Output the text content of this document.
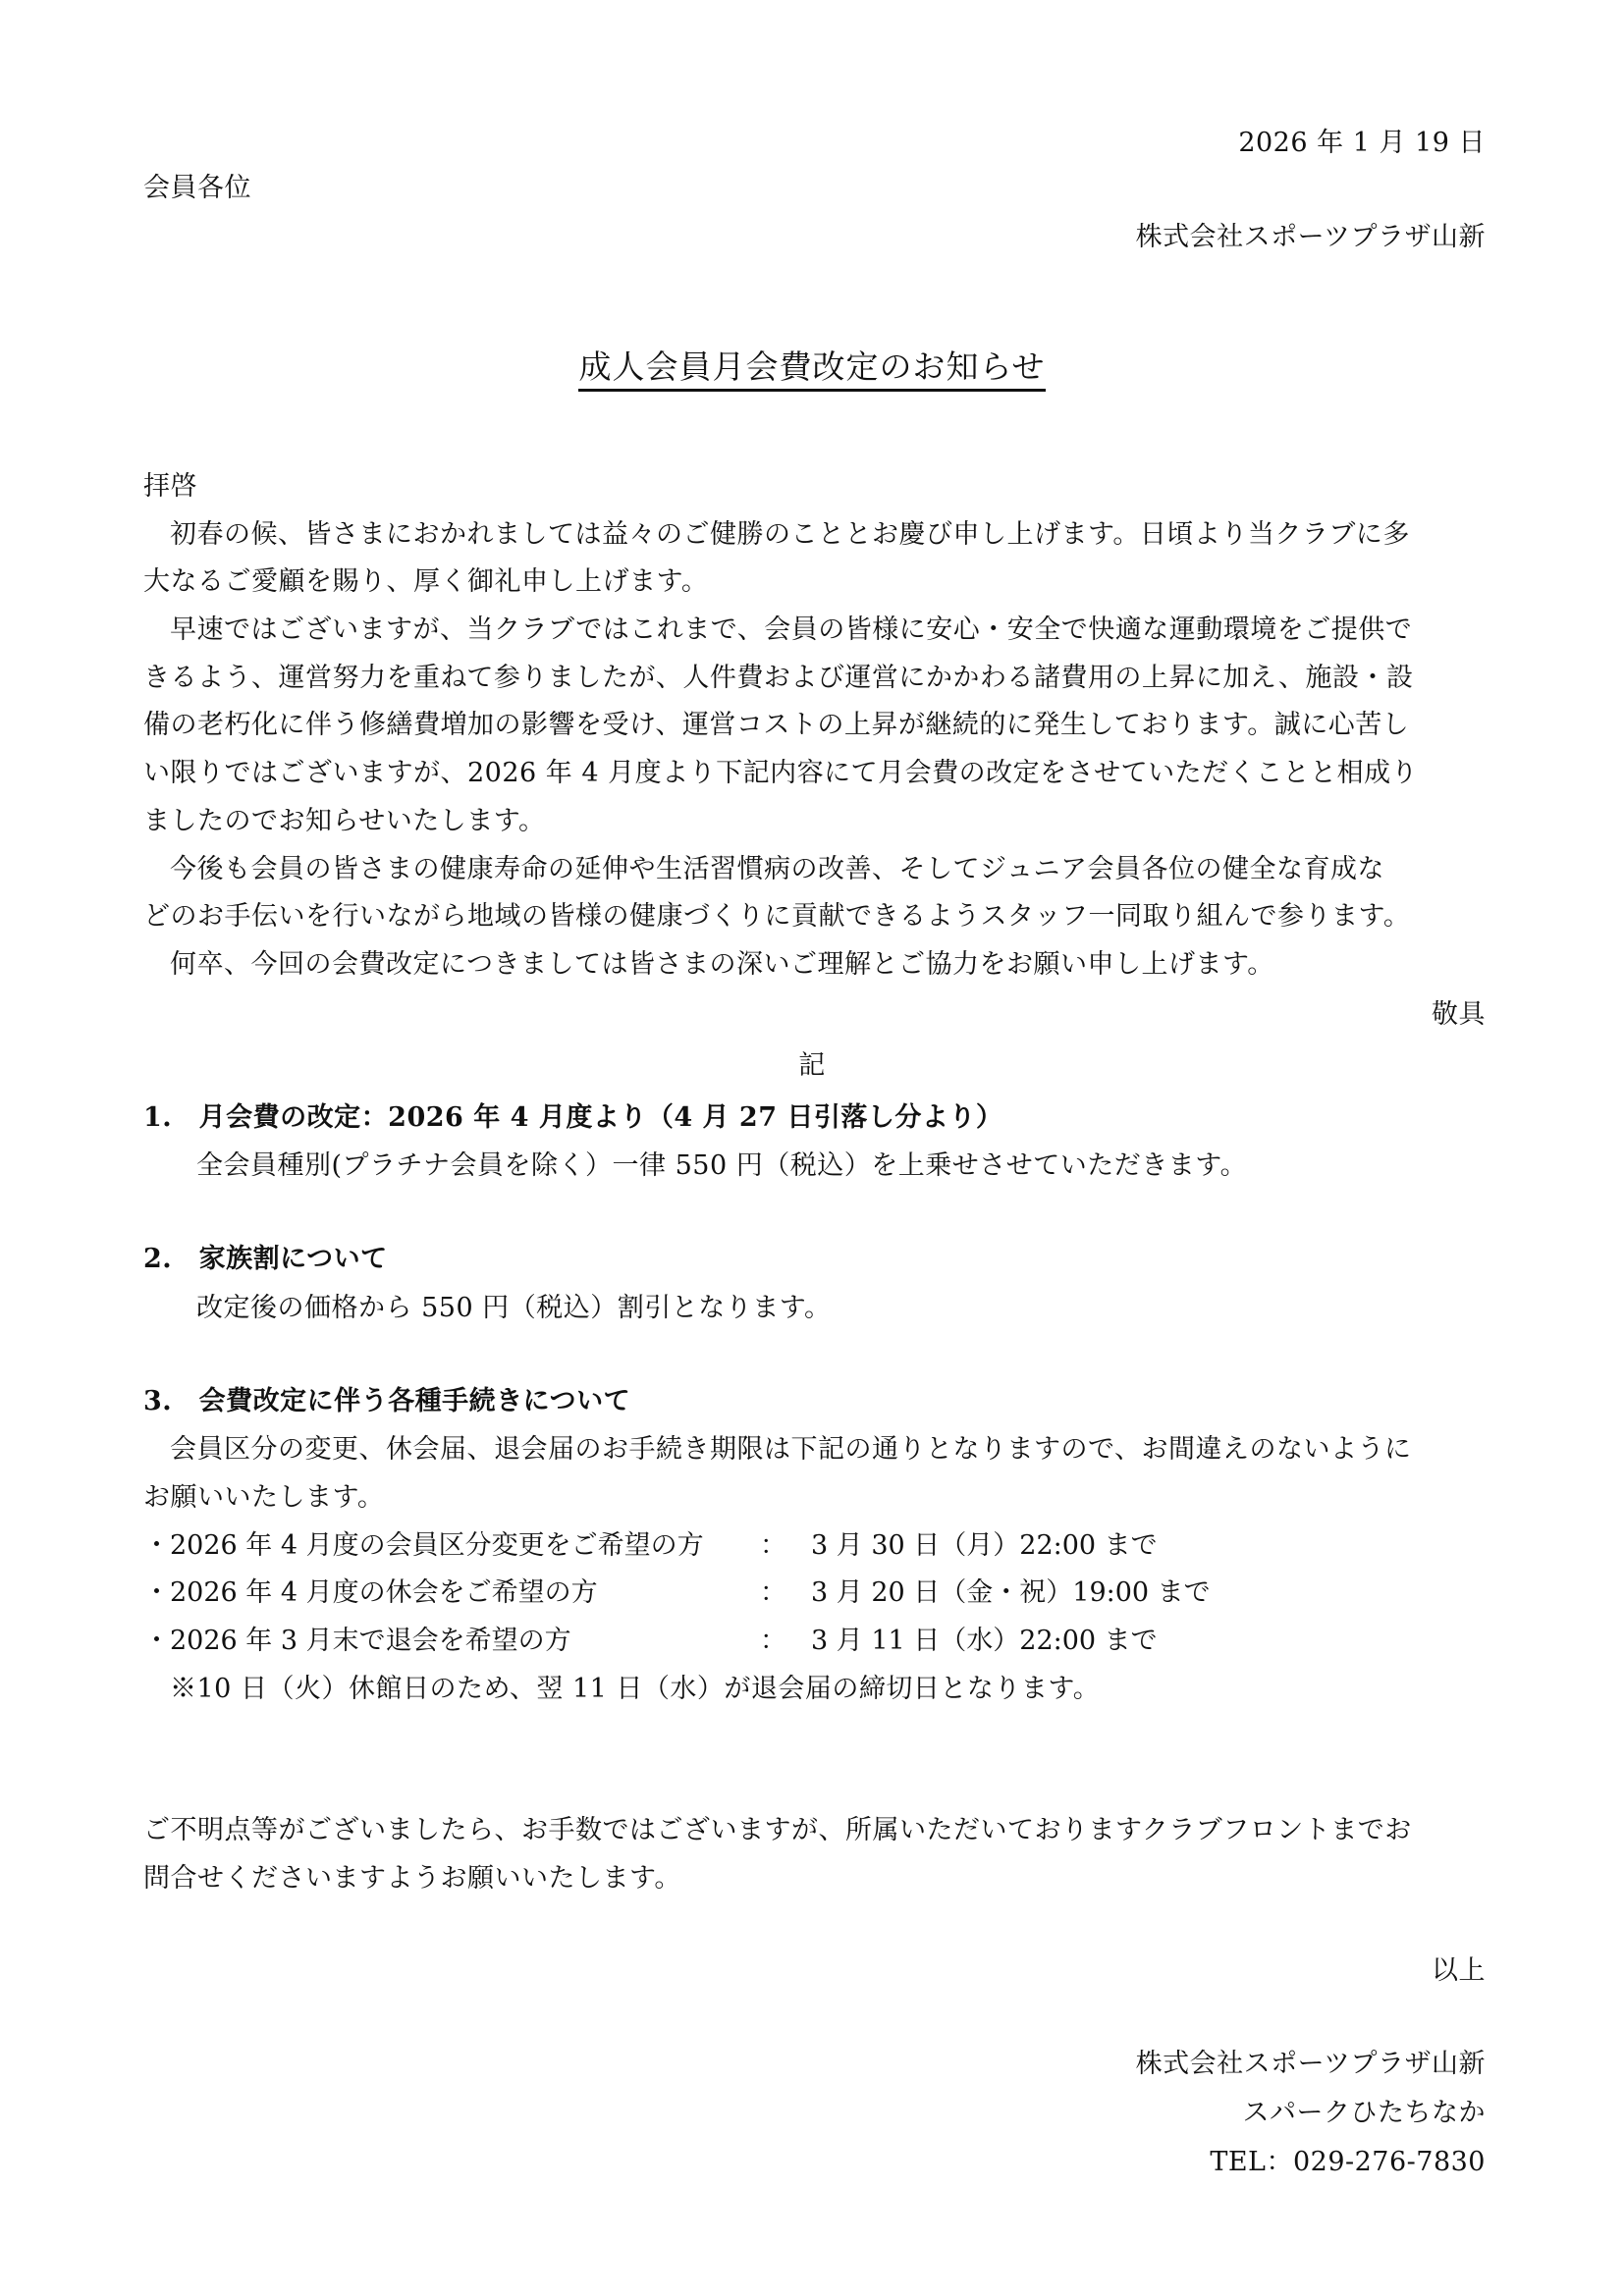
2026 年 1 月 19 日
会員各位
株式会社スポーツプラザ山新
成人会員月会費改定のお知らせ
拝啓
初春の候、皆さまにおかれましては益々のご健勝のこととお慶び申し上げます。日頃より当クラブに多
大なるご愛顧を賜り、厚く御礼申し上げます。
早速ではございますが、当クラブではこれまで、会員の皆様に安心・安全で快適な運動環境をご提供で
きるよう、運営努力を重ねて参りましたが、人件費および運営にかかわる諸費用の上昇に加え、施設・設
備の老朽化に伴う修繕費増加の影響を受け、運営コストの上昇が継続的に発生しております。誠に心苦し
い限りではございますが、2026 年 4 月度より下記内容にて月会費の改定をさせていただくことと相成り
ましたのでお知らせいたします。
今後も会員の皆さまの健康寿命の延伸や生活習慣病の改善、そしてジュニア会員各位の健全な育成な
どのお手伝いを行いながら地域の皆様の健康づくりに貢献できるようスタッフ一同取り組んで参ります。
何卒、今回の会費改定につきましては皆さまの深いご理解とご協力をお願い申し上げます。
敬具
記
1.　月会費の改定：2026 年 4 月度より（4 月 27 日引落し分より）
全会員種別(プラチナ会員を除く）一律 550 円（税込）を上乗せさせていただきます。
2.　家族割について
改定後の価格から 550 円（税込）割引となります。
3.　会費改定に伴う各種手続きについて
会員区分の変更、休会届、退会届のお手続き期限は下記の通りとなりますので、お間違えのないように
お願いいたします。
・2026 年 4 月度の会員区分変更をご希望の方 ： 3 月 30 日（月）22:00 まで
・2026 年 4 月度の休会をご希望の方	： 3 月 20 日（金・祝）19:00 まで
・2026 年 3 月末で退会を希望の方	： 3 月 11 日（水）22:00 まで
※10 日（火）休館日のため、翌 11 日（水）が退会届の締切日となります。
ご不明点等がございましたら、お手数ではございますが、所属いただいておりますクラブフロントまでお
問合せくださいますようお願いいたします。
以上
株式会社スポーツプラザ山新
スパークひたちなか
TEL：029-276-7830
